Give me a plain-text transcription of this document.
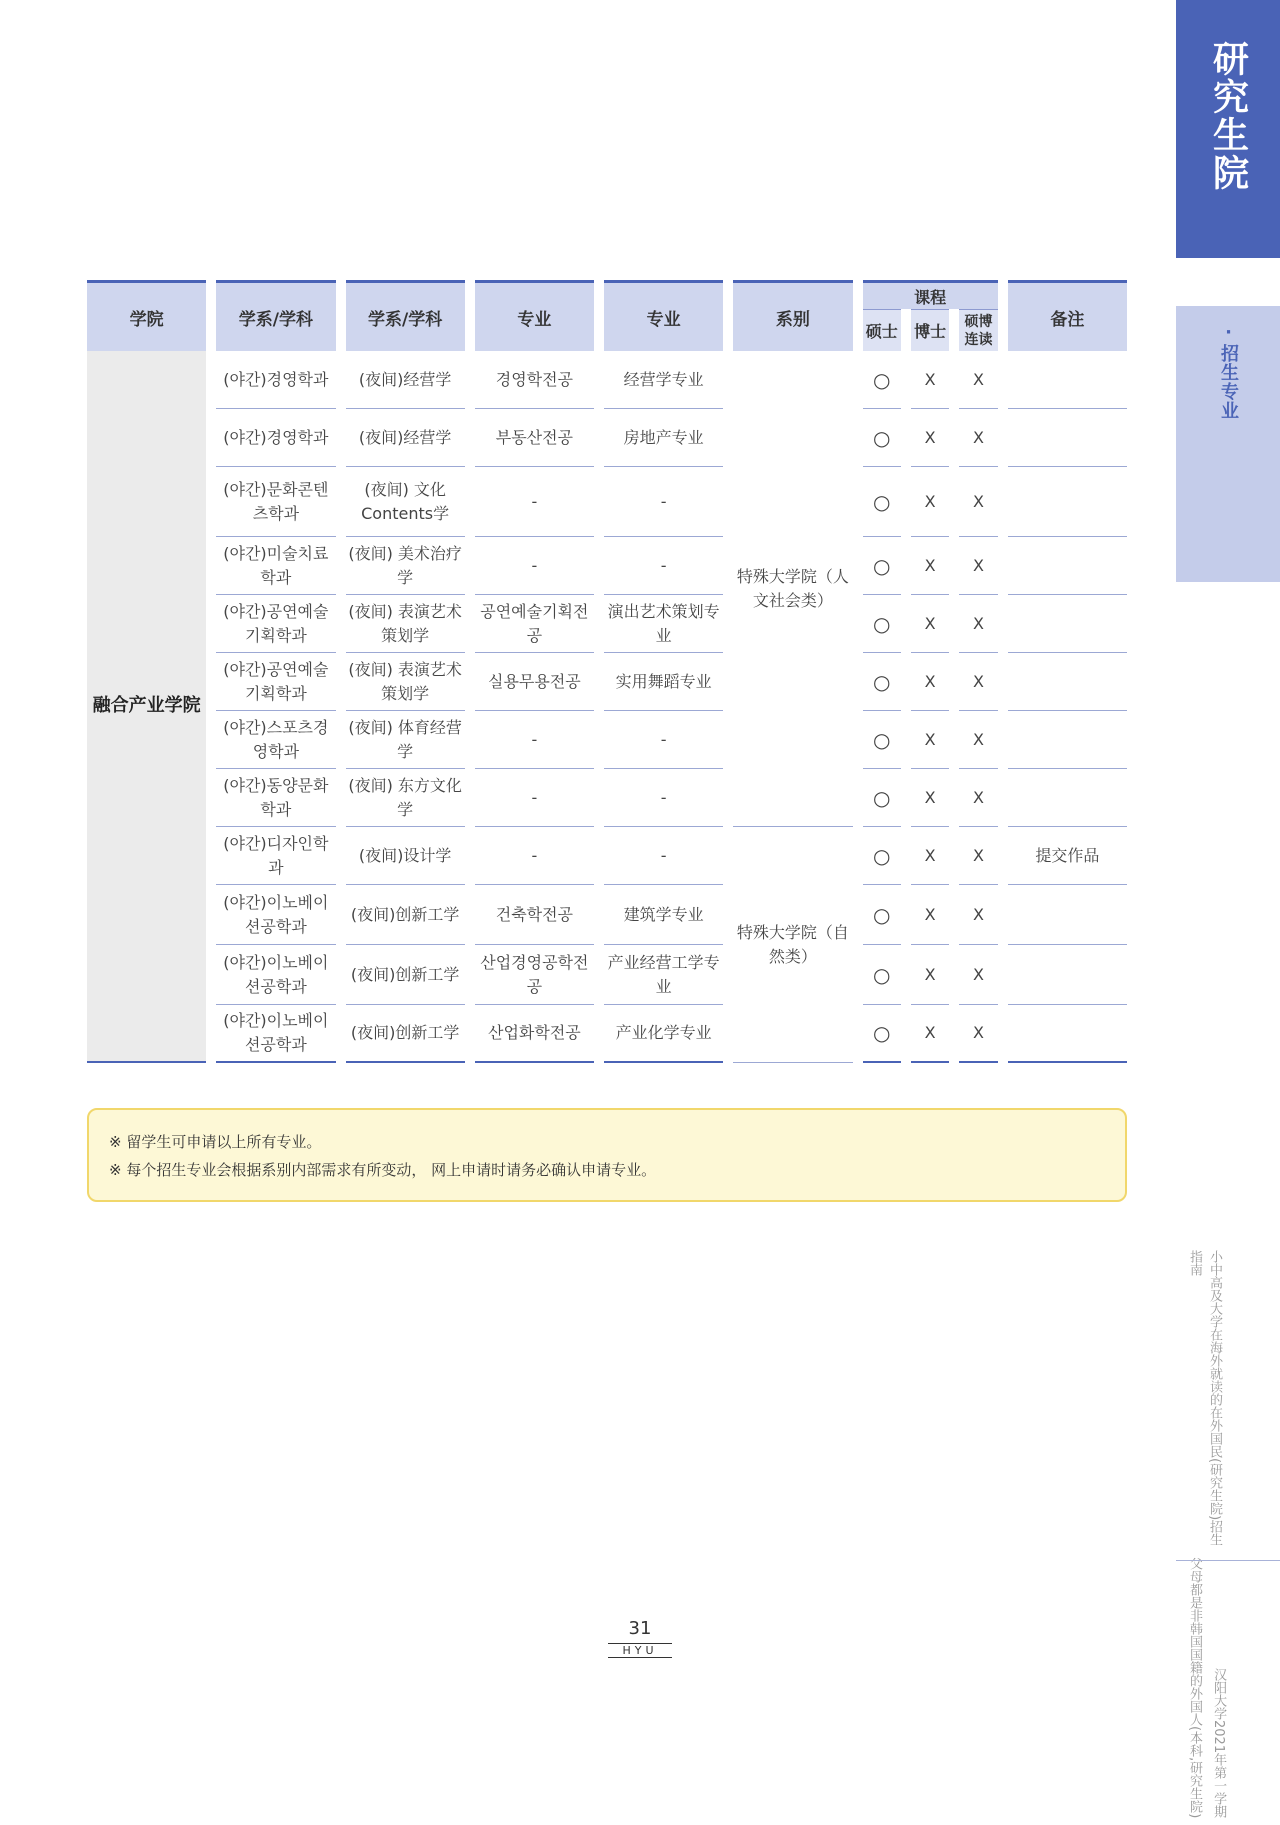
研究生院
·招生专业
学院	学系/学科	学系/学科	专业	专业	系别	课程			备注
						硕士	博士	硕博连读	
融合产业学院	(야간)경영학과	(夜间)经营学	경영학전공	经营学专业	特殊大学院（人文社会类）	○	X	X	
	(야간)경영학과	(夜间)经营学	부동산전공	房地产专业		○	X	X	
	(야간)문화콘텐츠학과	(夜间) 文化Contents学	-	-		○	X	X	
	(야간)미술치료학과	(夜间) 美术治疗学	-	-		○	X	X	
	(야간)공연예술기획학과	(夜间) 表演艺术策划学	공연예술기획전공	演出艺术策划专业		○	X	X	
	(야간)공연예술기획학과	(夜间) 表演艺术策划学	실용무용전공	实用舞蹈专业		○	X	X	
	(야간)스포츠경영학과	(夜间) 体育经营学	-	-		○	X	X	
	(야간)동양문화학과	(夜间) 东方文化学	-	-		○	X	X	
	(야간)디자인학과	(夜间)设计学	-	-	特殊大学院（自然类）	○	X	X	提交作品
	(야간)이노베이션공학과	(夜间)创新工学	건축학전공	建筑学专业		○	X	X	
	(야간)이노베이션공학과	(夜间)创新工学	산업경영공학전공	产业经营工学专业		○	X	X	
	(야간)이노베이션공학과	(夜间)创新工学	산업화학전공	产业化学专业		○	X	X	
※ 留学生可申请以上所有专业。
※ 每个招生专业会根据系别内部需求有所变动， 网上申请时请务必确认申请专业。
小中高及大学在海外就读的在外国民(研究生院)招生指南 父母都是非韩国国籍的外国人(本科,研究生院) 汉阳大学2021年第一学期
31
HYU
